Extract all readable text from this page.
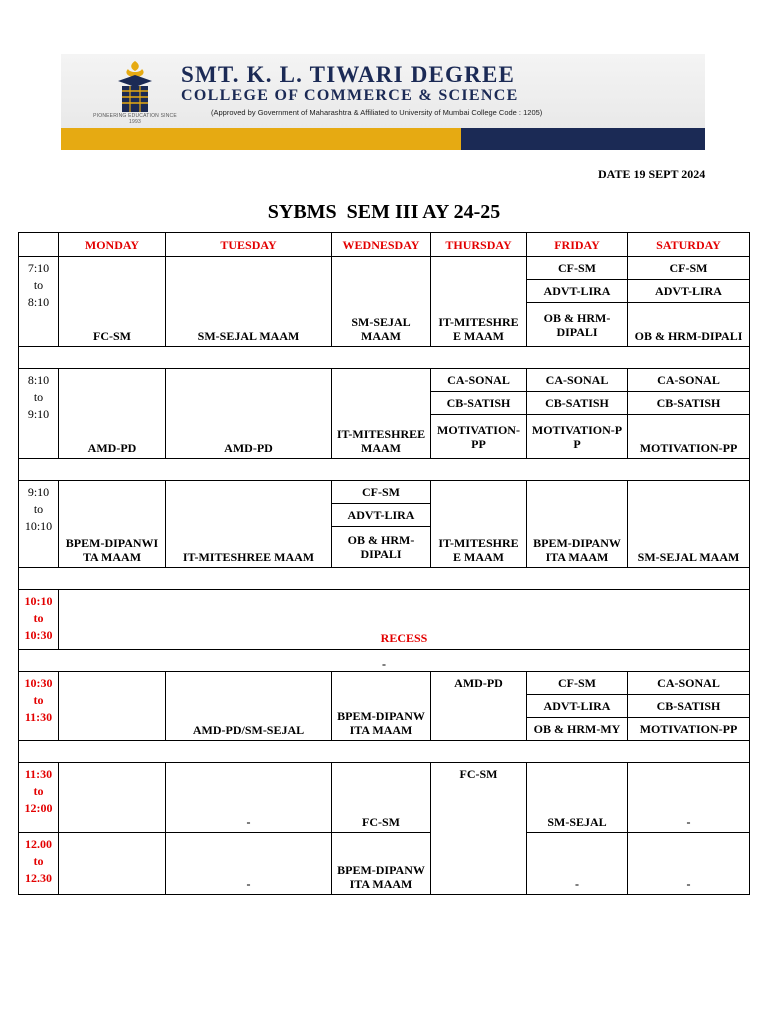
PIONEERING EDUCATION SINCE 1993
SMT. K. L. TIWARI DEGREE
COLLEGE OF COMMERCE & SCIENCE
(Approved by Government of Maharashtra & Affiliated to University of Mumbai College Code : 1205)
DATE 19 SEPT 2024
SYBMS  SEM III AY 24-25
	MONDAY	TUESDAY	WEDNESDAY	THURSDAY	FRIDAY	SATURDAY

7:10
to
8:10	FC-SM	SM-SEJAL MAAM	SM-SEJAL MAAM	IT-MITESHRE E MAAM	CF-SM	CF-SM
					ADVT-LIRA	ADVT-LIRA
					OB & HRM-DIPALI	OB & HRM-DIPALI

8:10
to
9:10	AMD-PD	AMD-PD	IT-MITESHREE MAAM	CA-SONAL	CA-SONAL	CA-SONAL
				CB-SATISH	CB-SATISH	CB-SATISH
				MOTIVATION-PP	MOTIVATION-P P	MOTIVATION-PP

9:10
to
10:10	BPEM-DIPANWI TA MAAM	IT-MITESHREE MAAM	CF-SM	IT-MITESHRE E MAAM	BPEM-DIPANW ITA MAAM	SM-SEJAL MAAM
			ADVT-LIRA			
			OB & HRM-DIPALI			

10:10
to
10:30	RECESS					
-						

10:30
to
11:30		AMD-PD/SM-SEJAL	BPEM-DIPANW ITA MAAM	AMD-PD	CF-SM	CA-SONAL
					ADVT-LIRA	CB-SATISH
					OB & HRM-MY	MOTIVATION-PP

11:30
to
12:00		-	FC-SM	FC-SM	SM-SEJAL	-

12.00
to
12.30		-	BPEM-DIPANW ITA MAAM		-	-
